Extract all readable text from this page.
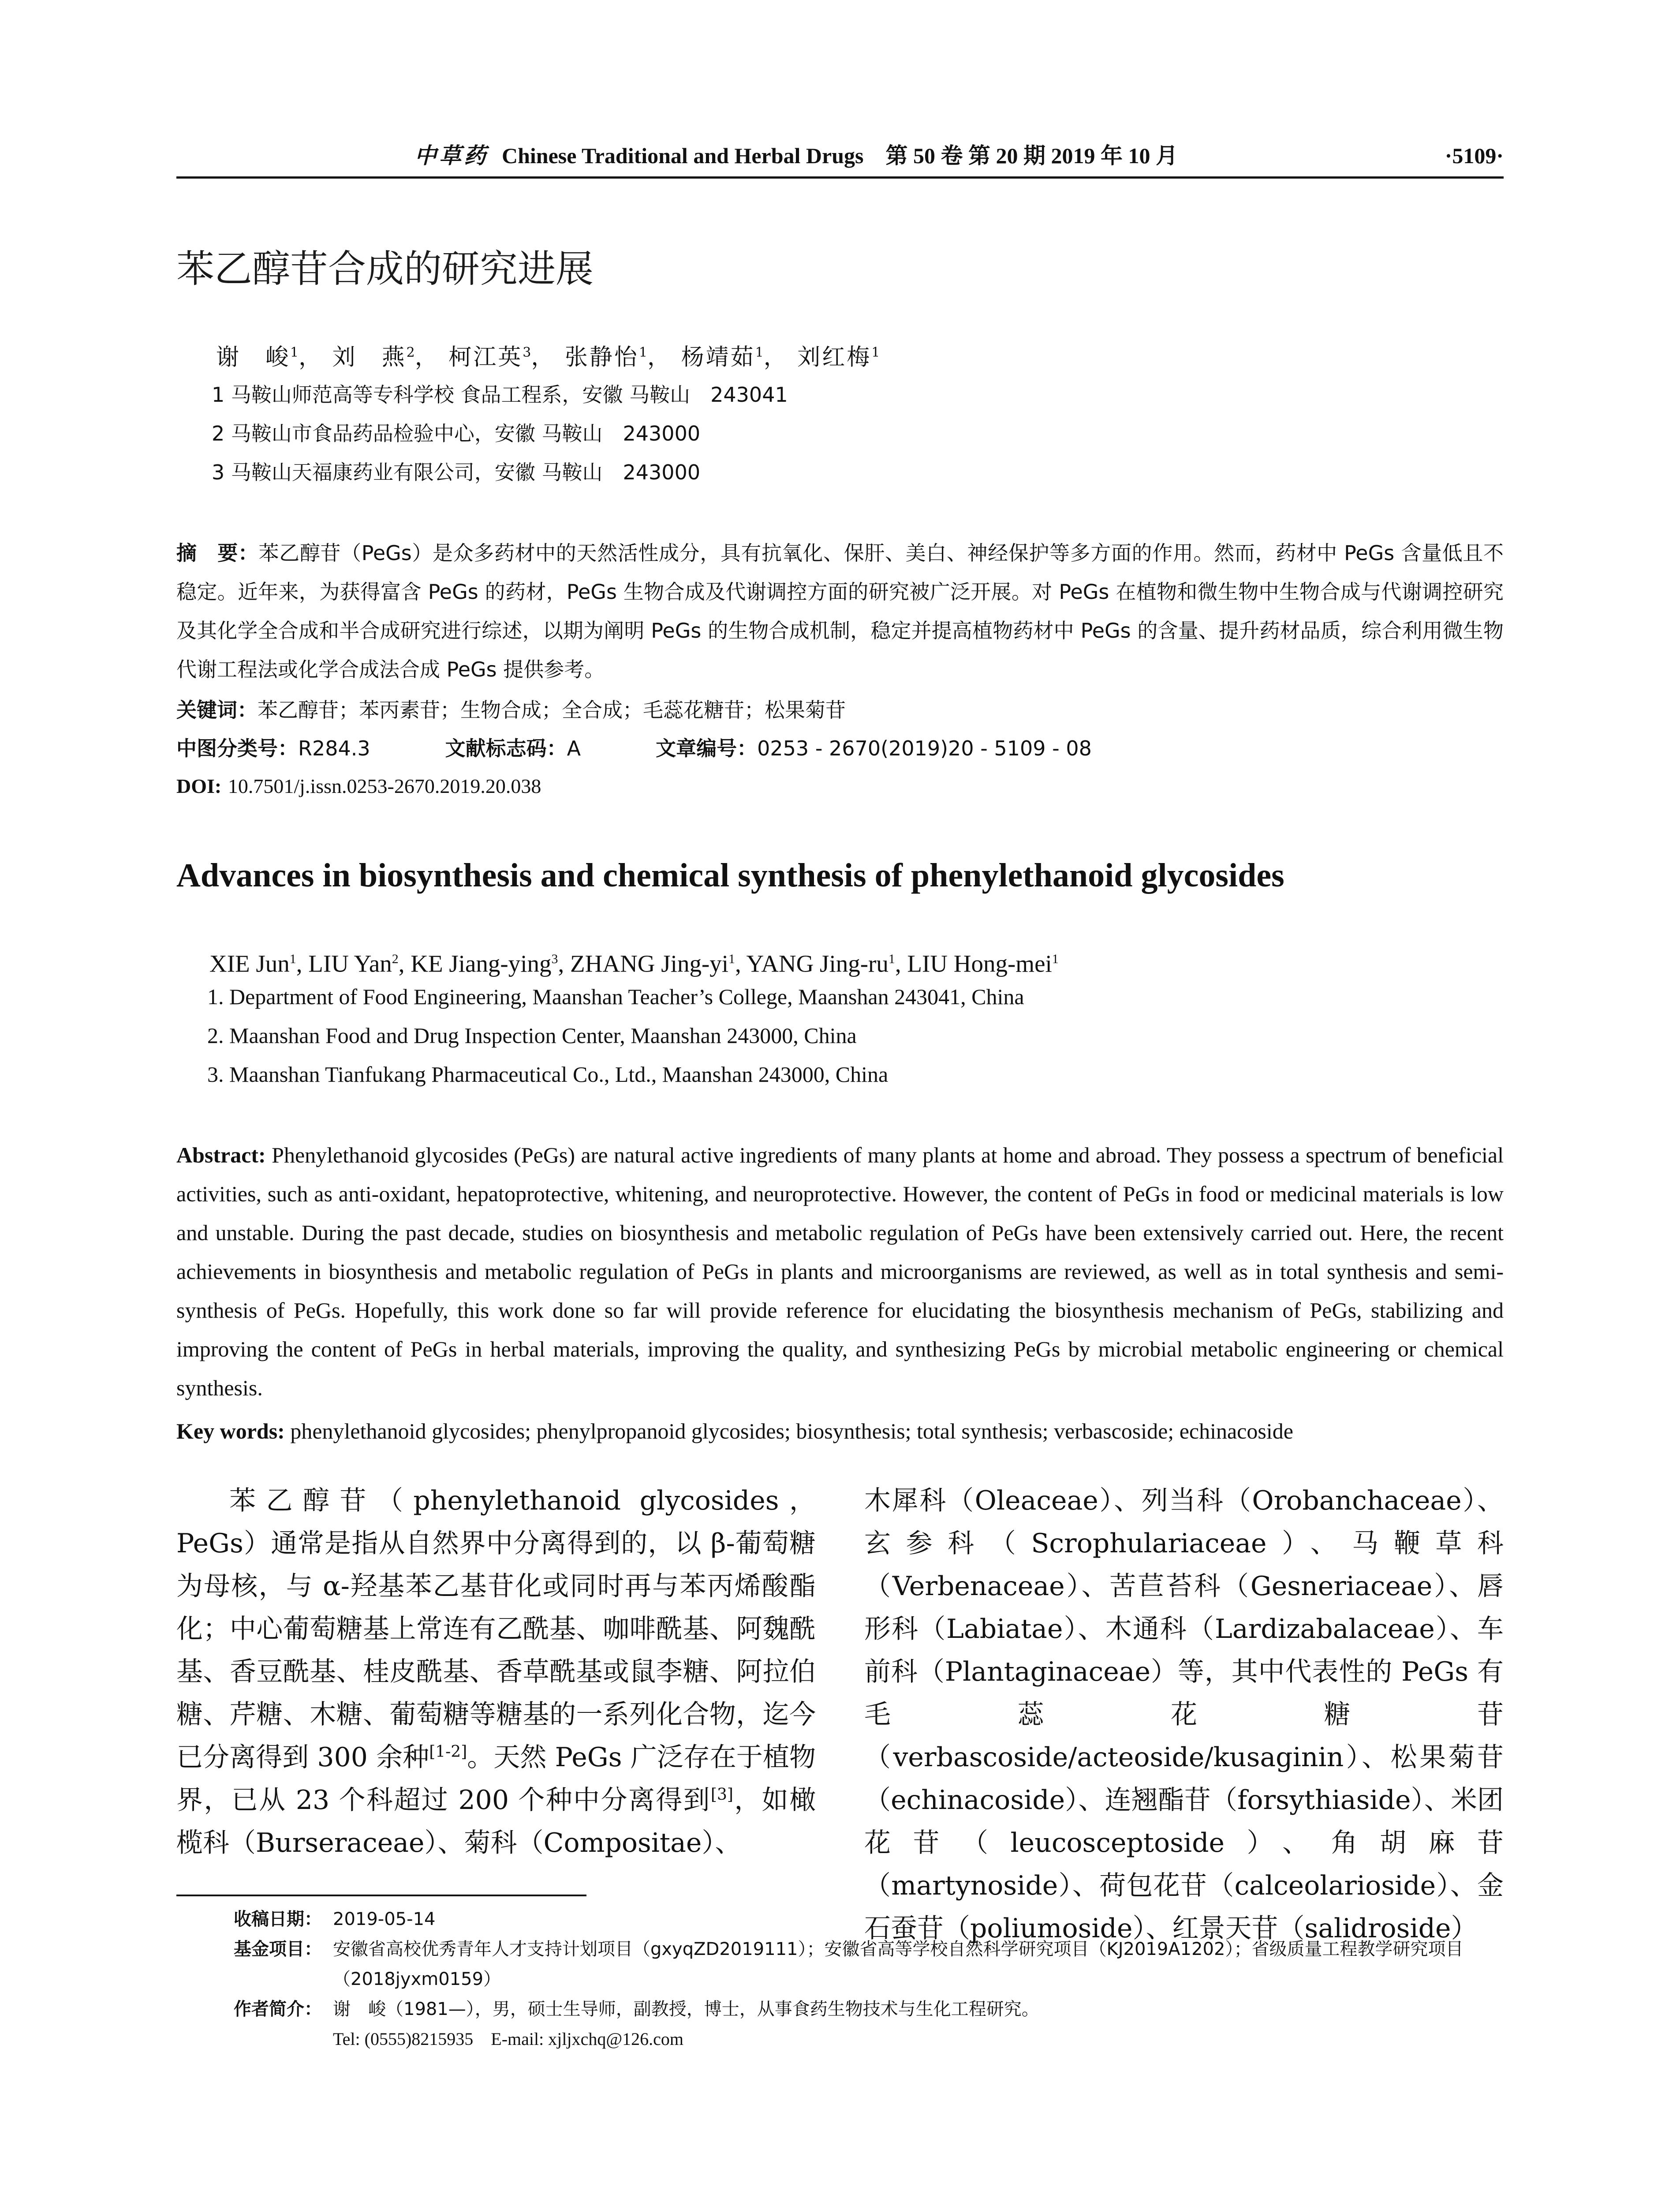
中草药 Chinese Traditional and Herbal Drugs　第 50 卷 第 20 期 2019 年 10 月	·5109·
苯乙醇苷合成的研究进展
谢　峻$^1$， 刘　燕$^2$， 柯江英$^3$， 张静怡$^1$， 杨靖茹$^1$， 刘红梅$^1$
1 马鞍山师范高等专科学校 食品工程系，安徽 马鞍山　243041
2 马鞍山市食品药品检验中心，安徽 马鞍山　243000
3 马鞍山天福康药业有限公司，安徽 马鞍山　243000
摘　要：苯乙醇苷（PeGs）是众多药材中的天然活性成分，具有抗氧化、保肝、美白、神经保护等多方面的作用。然而，药材中 PeGs 含量低且不稳定。近年来，为获得富含 PeGs 的药材，PeGs 生物合成及代谢调控方面的研究被广泛开展。对 PeGs 在植物和微生物中生物合成与代谢调控研究及其化学全合成和半合成研究进行综述，以期为阐明 PeGs 的生物合成机制，稳定并提高植物药材中 PeGs 的含量、提升药材品质，综合利用微生物代谢工程法或化学合成法合成 PeGs 提供参考。
关键词：苯乙醇苷；苯丙素苷；生物合成；全合成；毛蕊花糖苷；松果菊苷
中图分类号：R284.3	文献标志码：A	文章编号：0253 - 2670(2019)20 - 5109 - 08
DOI: 10.7501/j.issn.0253-2670.2019.20.038
Advances in biosynthesis and chemical synthesis of phenylethanoid glycosides
XIE Jun$^1$, LIU Yan$^2$, KE Jiang-ying$^3$, ZHANG Jing-$yi^1$, YANG Jing-$ru^1$, LIU Hong-mei$^1$
1. Department of Food Engineering, Maanshan Teacher’s College, Maanshan 243041, China
2. Maanshan Food and Drug Inspection Center, Maanshan 243000, China
3. Maanshan Tianfukang Pharmaceutical Co., Ltd., Maanshan 243000, China
Abstract: Phenylethanoid glycosides (PeGs) are natural active ingredients of many plants at home and abroad. They possess a spectrum of beneficial activities, such as anti-oxidant, hepatoprotective, whitening, and neuroprotective. However, the content of PeGs in food or medicinal materials is low and unstable. During the past decade, studies on biosynthesis and metabolic regulation of PeGs have been extensively carried out. Here, the recent achievements in biosynthesis and metabolic regulation of PeGs in plants and microorganisms are reviewed, as well as in total synthesis and semi-synthesis of PeGs. Hopefully, this work done so far will provide reference for elucidating the biosynthesis mechanism of PeGs, stabilizing and improving the content of PeGs in herbal materials, improving the quality, and synthesizing PeGs by microbial metabolic engineering or chemical synthesis.
Key words: phenylethanoid glycosides; phenylpropanoid glycosides; biosynthesis; total synthesis; verbascoside; echinacoside

苯乙醇苷（phenylethanoid glycosides，PeGs）通常是指从自然界中分离得到的，以 β-葡萄糖为母核，与 α-羟基苯乙基苷化或同时再与苯丙烯酸酯化；中心葡萄糖基上常连有乙酰基、咖啡酰基、阿魏酰基、香豆酰基、桂皮酰基、香草酰基或鼠李糖、阿拉伯糖、芹糖、木糖、葡萄糖等糖基的一系列化合物，迄今已分离得到 300 余种[1-2]。天然 PeGs 广泛存在于植物界，已从 23 个科超过 200 个种中分离得到[3]，如橄榄科（Burseraceae）、菊科（Compositae）、

木犀科（Oleaceae）、列当科（Orobanchaceae）、玄参科（Scrophulariaceae）、马鞭草科（Verbenaceae）、苦苣苔科（Gesneriaceae）、唇形科（Labiatae）、木通科（Lardizabalaceae）、车前科（Plantaginaceae）等，其中代表性的 PeGs 有毛蕊花糖苷（verbascoside/acteoside/kusaginin）、松果菊苷（echinacoside）、连翘酯苷（forsythiaside）、米团花苷（leucosceptoside）、角胡麻苷（martynoside）、荷包花苷（calceolarioside）、金石蚕苷（poliumoside）、红景天苷（salidroside）

收稿日期： 2019-05-14
基金项目： 安徽省高校优秀青年人才支持计划项目（gxyqZD2019111）；安徽省高等学校自然科学研究项目（KJ2019A1202）；省级质量工程教学研究项目（2018jyxm0159）
作者简介： 谢　峻（1981—），男，硕士生导师，副教授，博士，从事食药生物技术与生化工程研究。
Tel: (0555)8215935　E-mail: xjljxchq@126.com
